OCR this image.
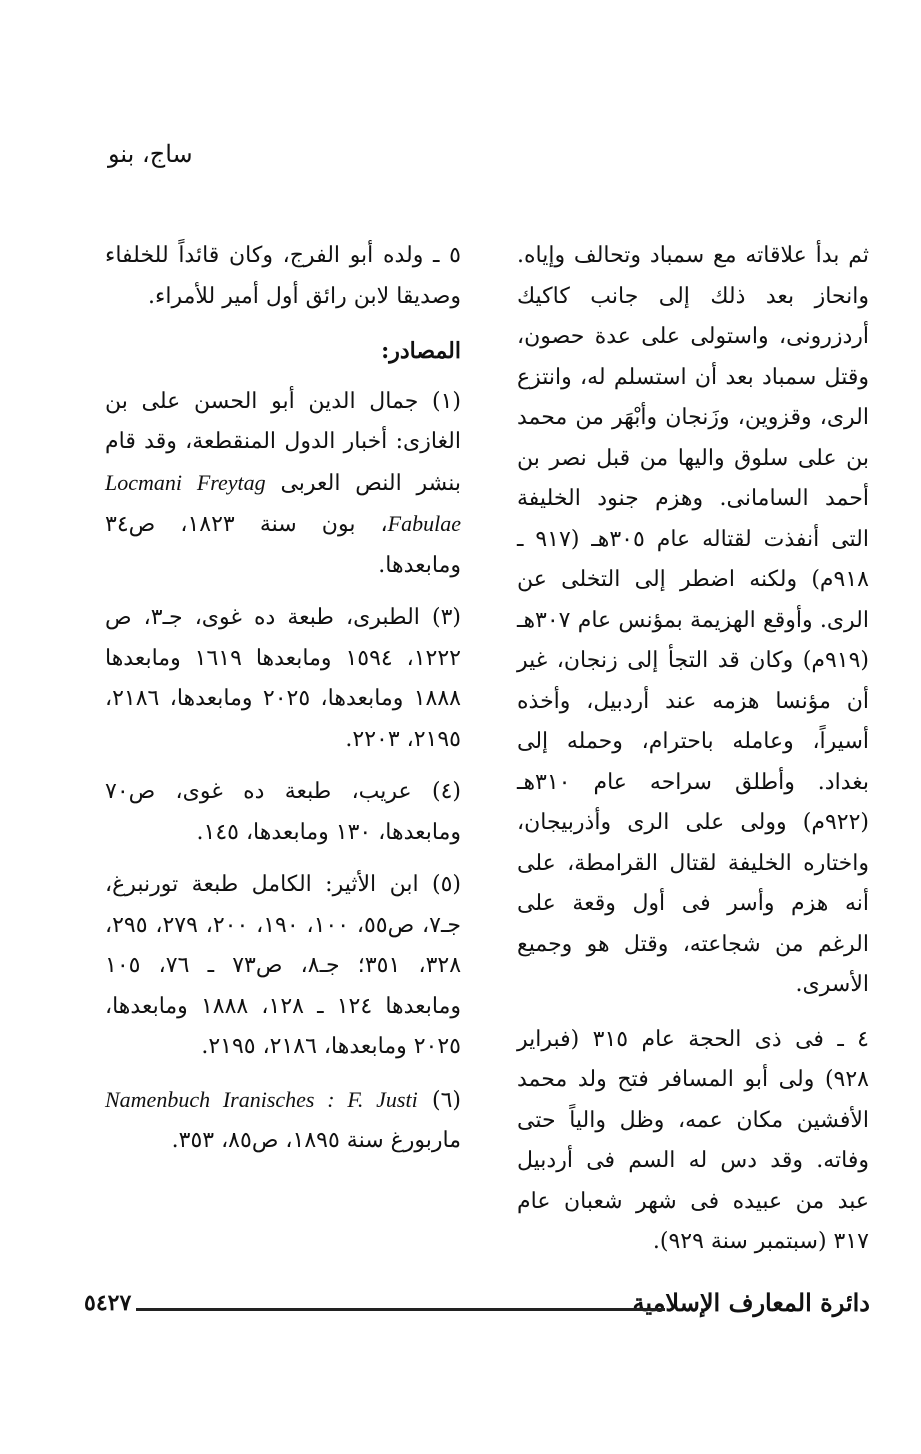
ساج، بنو

ثم بدأ علاقاته مع سمباد وتحالف وإياه. وانحاز بعد ذلك إلى جانب كاكيك أردزرونى، واستولى على عدة حصون، وقتل سمباد بعد أن استسلم له، وانتزع الرى، وقزوين، وزَنجان وأبْهَر من محمد بن على سلوق واليها من قبل نصر بن أحمد السامانى. وهزم جنود الخليفة التى أنفذت لقتاله عام ٣٠٥هـ (٩١٧ ـ ٩١٨م) ولكنه اضطر إلى التخلى عن الرى. وأوقع الهزيمة بمؤنس عام ٣٠٧هـ (٩١٩م) وكان قد التجأ إلى زنجان، غير أن مؤنسا هزمه عند أردبيل، وأخذه أسيراً، وعامله باحترام، وحمله إلى بغداد. وأطلق سراحه عام ٣١٠هـ (٩٢٢م) وولى على الرى وأذربيجان، واختاره الخليفة لقتال القرامطة، على أنه هزم وأسر فى أول وقعة على الرغم من شجاعته، وقتل هو وجميع الأسرى.

٤ ـ فى ذى الحجة عام ٣١٥ (فبراير ٩٢٨) ولى أبو المسافر فتح ولد محمد الأفشين مكان عمه، وظل والياً حتى وفاته. وقد دس له السم فى أردبيل عبد من عبيده فى شهر شعبان عام ٣١٧ (سبتمبر سنة ٩٢٩).

٥ ـ ولده أبو الفرج، وكان قائداً للخلفاء وصديقا لابن رائق أول أمير للأمراء.

المصادر:

(١) جمال الدين أبو الحسن على بن الغازى: أخبار الدول المنقطعة، وقد قام بنشر النص العربى Freytag Locmani Fabulae، بون سنة ١٨٢٣، ص٣٤ ومابعدها.

(٣) الطبرى، طبعة ده غوى، جـ٣، ص ١٢٢٢، ١٥٩٤ ومابعدها ١٦١٩ ومابعدها ١٨٨٨ ومابعدها، ٢٠٢٥ ومابعدها، ٢١٨٦، ٢١٩٥، ٢٢٠٣.

(٤) عريب، طبعة ده غوى، ص٧٠ ومابعدها، ١٣٠ ومابعدها، ١٤٥.

(٥) ابن الأثير: الكامل طبعة تورنبرغ، جـ٧، ص٥٥، ١٠٠، ١٩٠، ٢٠٠، ٢٧٩، ٢٩٥، ٣٢٨، ٣٥١؛ جـ٨، ص٧٣ ـ ٧٦، ١٠٥ ومابعدها ١٢٤ ـ ١٢٨، ١٨٨٨ ومابعدها، ٢٠٢٥ ومابعدها، ٢١٨٦، ٢١٩٥.

(٦) Namenbuch Iranisches : F. Justi ماربورغ سنة ١٨٩٥، ص٨٥، ٣٥٣.

دائرة المعارف الإسلامية
٥٤٢٧
